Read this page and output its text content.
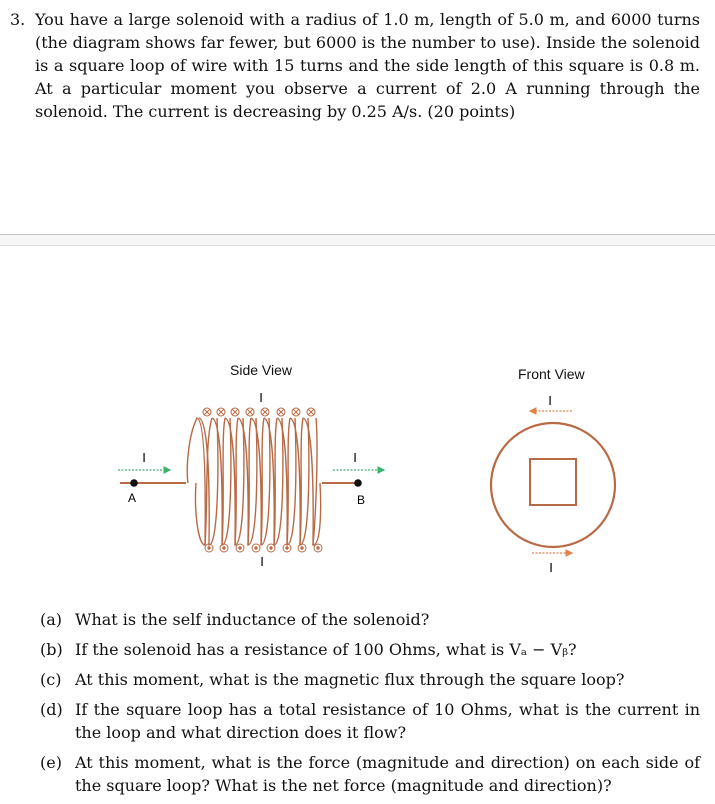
3. You have a large solenoid with a radius of 1.0 m, length of 5.0 m, and 6000 turns (the diagram shows far fewer, but 6000 is the number to use). Inside the solenoid is a square loop of wire with 15 turns and the side length of this square is 0.8 m. At a particular moment you observe a current of 2.0 A running through the solenoid. The current is decreasing by 0.25 A/s. (20 points)
Side View	Front View
I
I
I	I
A	B
I
I
(a) What is the self inductance of the solenoid?
(b) If the solenoid has a resistance of 100 Ohms, what is Vₐ − Vᵦ?
(c) At this moment, what is the magnetic flux through the square loop?
(d) If the square loop has a total resistance of 10 Ohms, what is the current in the loop and what direction does it flow?
(e) At this moment, what is the force (magnitude and direction) on each side of the square loop? What is the net force (magnitude and direction)?
